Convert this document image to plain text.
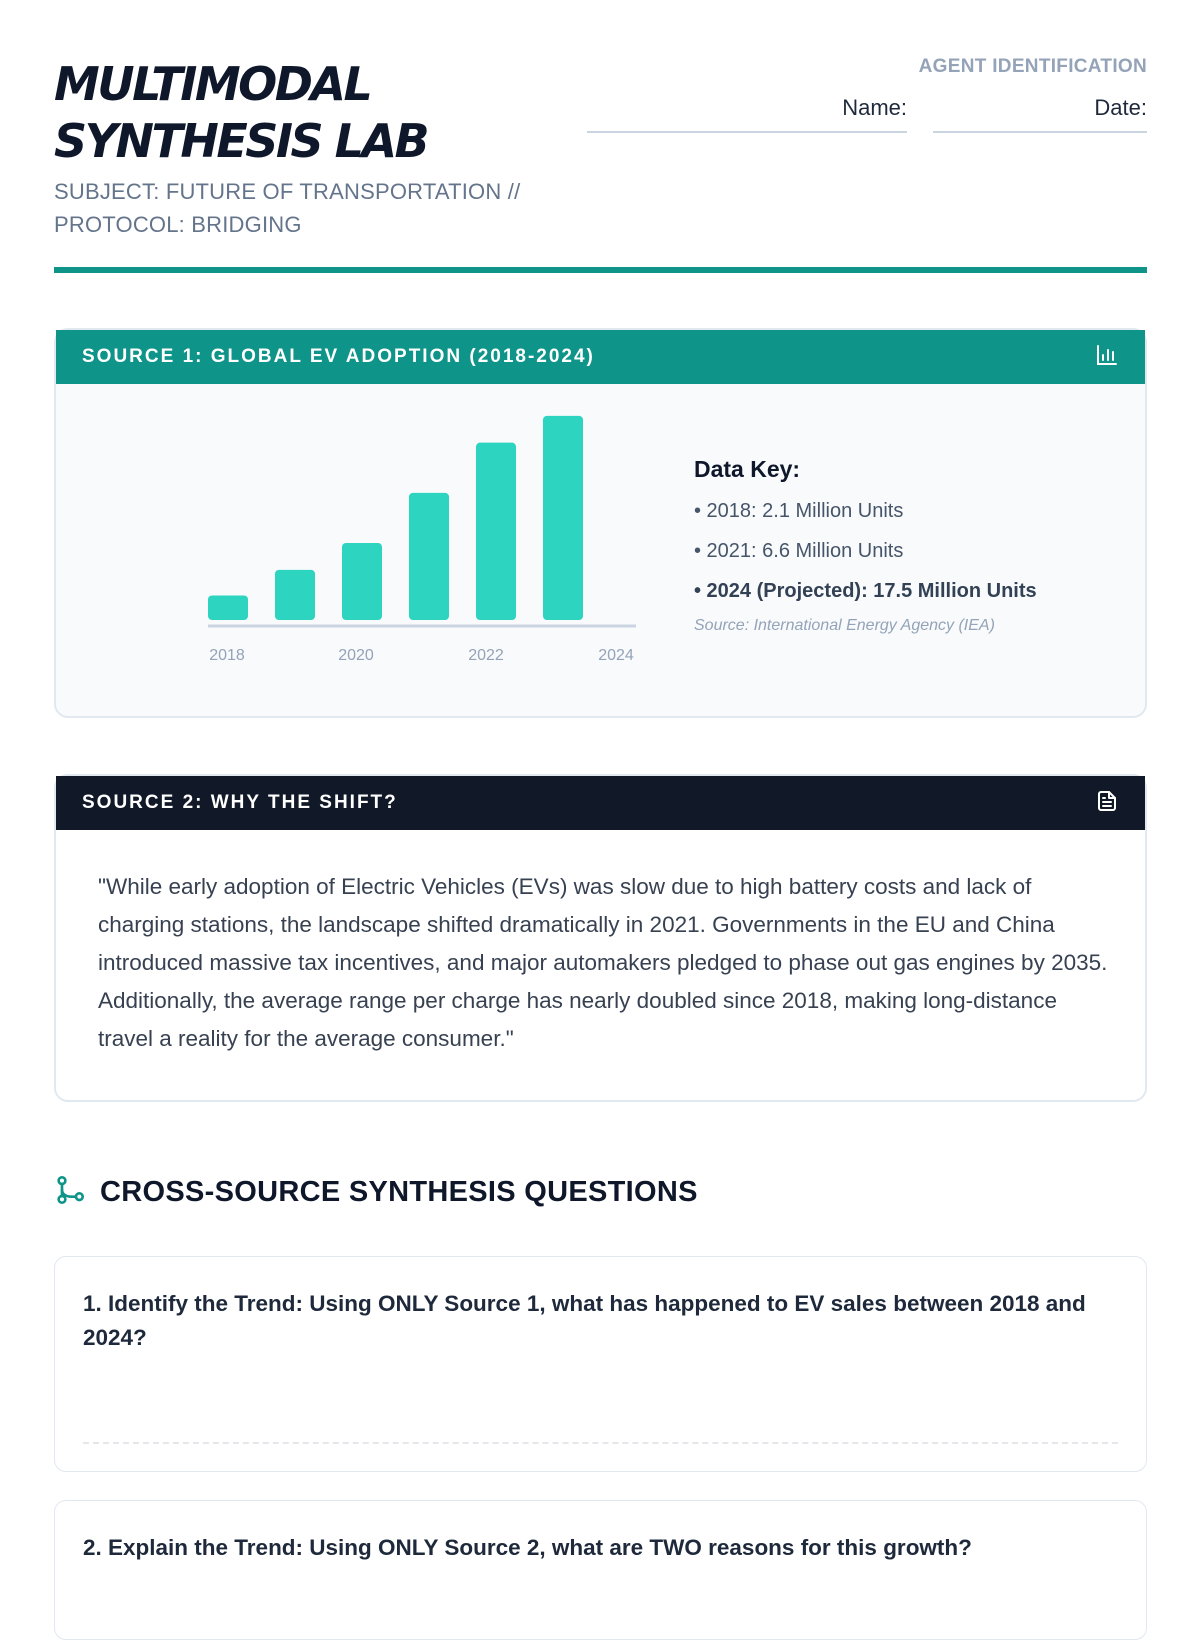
MULTIMODAL
SYNTHESIS LAB
SUBJECT: FUTURE OF TRANSPORTATION // PROTOCOL: BRIDGING
AGENT IDENTIFICATION
Name:	Date:
SOURCE 1: GLOBAL EV ADOPTION (2018-2024)
2018	2020	2022	2024
Data Key:
• 2018: 2.1 Million Units
• 2021: 6.6 Million Units
• 2024 (Projected): 17.5 Million Units
Source: International Energy Agency (IEA)
SOURCE 2: WHY THE SHIFT?
"While early adoption of Electric Vehicles (EVs) was slow due to high battery costs and lack of charging stations, the landscape shifted dramatically in 2021. Governments in the EU and China introduced massive tax incentives, and major automakers pledged to phase out gas engines by 2035. Additionally, the average range per charge has nearly doubled since 2018, making long-distance travel a reality for the average consumer."
CROSS-SOURCE SYNTHESIS QUESTIONS
1. Identify the Trend: Using ONLY Source 1, what has happened to EV sales between 2018 and 2024?
2. Explain the Trend: Using ONLY Source 2, what are TWO reasons for this growth?
